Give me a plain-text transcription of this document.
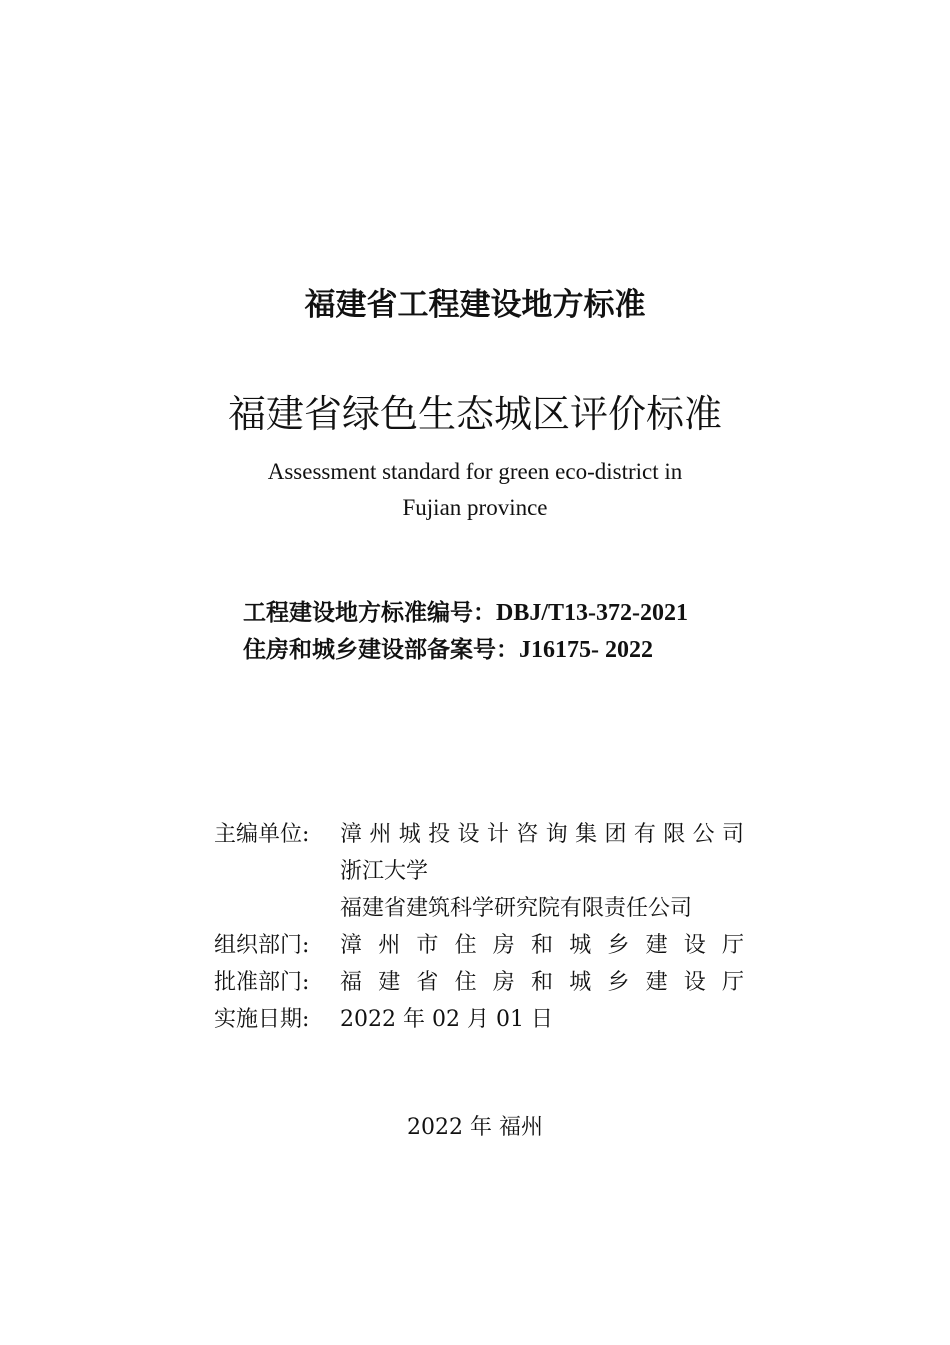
福建省工程建设地方标准
福建省绿色生态城区评价标准
Assessment standard for green eco-district in
Fujian province
工程建设地方标准编号：DBJ/T13-372-2021
住房和城乡建设部备案号：J16175- 2022
主编单位:	漳州城投设计咨询集团有限公司
浙江大学
福建省建筑科学研究院有限责任公司
组织部门:	漳州市住房和城乡建设厅
批准部门:	福建省住房和城乡建设厅
实施日期:	2022 年 02 月 01 日
2022 年 福州
